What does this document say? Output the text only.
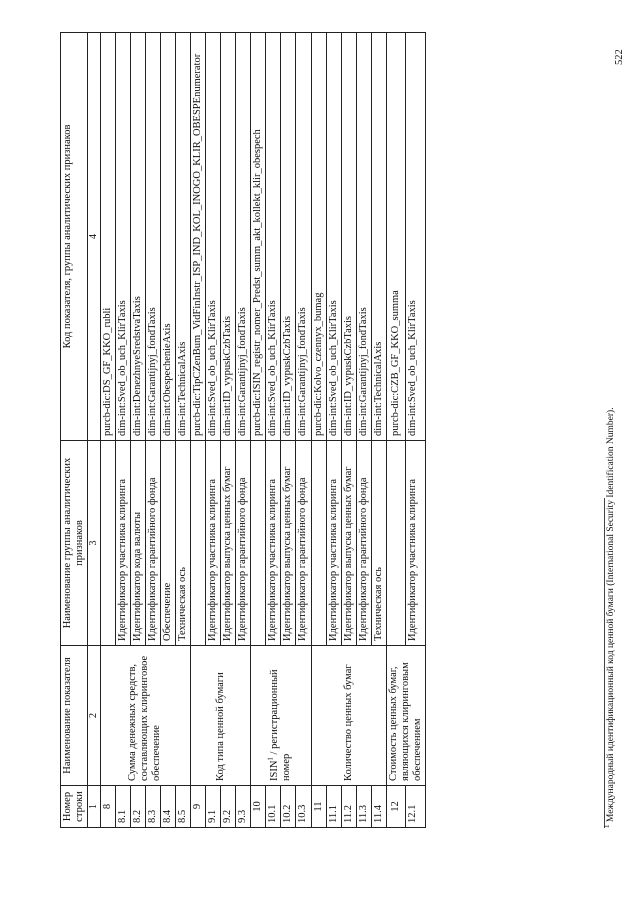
Номер строки	Наименование показателя	Наименование группы аналитических признаков	Код показателя, группы аналитических признаков
1	2	3	4
8	Сумма денежных средств, составляющих клиринговое обеспечение		purcb-dic:DS_GF_KKO_rubli
8.1		Идентификатор участника клиринга	dim-int:Sved_ob_uch_KlirTaxis
8.2		Идентификатор кода валюты	dim-int:DenezhnyeSredstvaTaxis
8.3		Идентификатор гарантийного фонда	dim-int:Garantijnyj_fondTaxis
8.4		Обеспечение	dim-int:ObespechenieAxis
8.5		Техническая ось	dim-int:TechnicalAxis
9	Код типа ценной бумаги		purcb-dic:TipCZenBum_VidFinInstr_ISP_IND_KOL_INOGO_KLIR_OBESPEnumerator
9.1		Идентификатор участника клиринга	dim-int:Sved_ob_uch_KlirTaxis
9.2		Идентификатор выпуска ценных бумаг	dim-int:ID_vypuskCzbTaxis
9.3		Идентификатор гарантийного фонда	dim-int:Garantijnyj_fondTaxis
10	ISIN$^1$ / регистрационный номер		purcb-dic:ISIN_registr_nomer_Predst_summ_akt_kollekt_klir_obespech
10.1		Идентификатор участника клиринга	dim-int:Sved_ob_uch_KlirTaxis
10.2		Идентификатор выпуска ценных бумаг	dim-int:ID_vypuskCzbTaxis
10.3		Идентификатор гарантийного фонда	dim-int:Garantijnyj_fondTaxis
11	Количество ценных бумаг		purcb-dic:Kolvo_czennyx_bumag
11.1		Идентификатор участника клиринга	dim-int:Sved_ob_uch_KlirTaxis
11.2		Идентификатор выпуска ценных бумаг	dim-int:ID_vypuskCzbTaxis
11.3		Идентификатор гарантийного фонда	dim-int:Garantijnyj_fondTaxis
11.4		Техническая ось	dim-int:TechnicalAxis
12	Стоимость ценных бумаг, являющихся клиринговым обеспечением		purcb-dic:CZB_GF_KKO_summa
12.1		Идентификатор участника клиринга	dim-int:Sved_ob_uch_KlirTaxis
$^1$ Международный идентификационный код ценной бумаги (International Security Identification Number).
522
